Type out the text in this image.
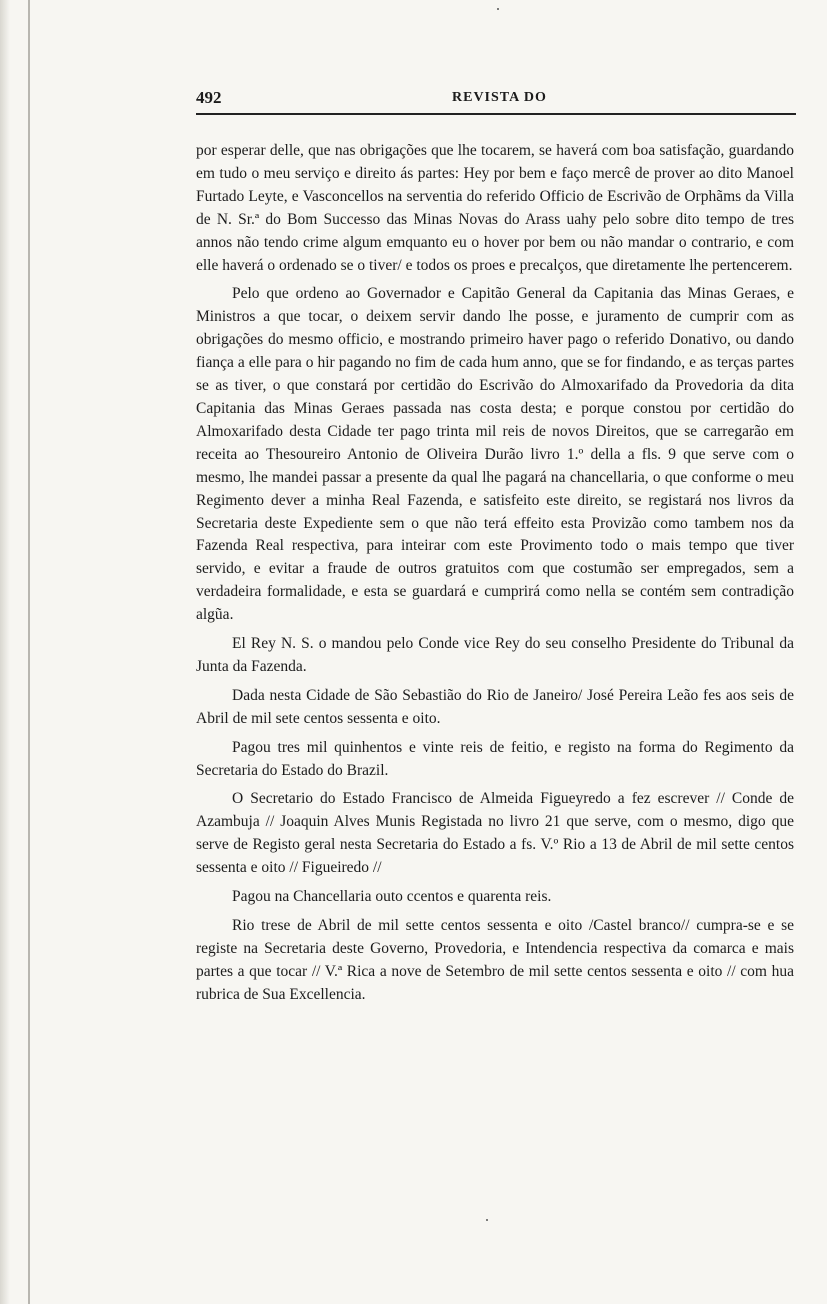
492	REVISTA DO

por esperar delle, que nas obrigações que lhe tocarem, se haverá com boa satisfação, guardando em tudo o meu serviço e direito ás partes: Hey por bem e faço mercê de prover ao dito Manoel Furtado Leyte, e Vasconcellos na serventia do referido Officio de Escrivão de Orphãms da Villa de N. Sr.ª do Bom Successo das Minas Novas do Arass uahy pelo sobre dito tempo de tres annos não tendo crime algum emquanto eu o hover por bem ou não mandar o contrario, e com elle haverá o ordenado se o tiver/ e todos os proes e precalços, que diretamente lhe pertencerem.

Pelo que ordeno ao Governador e Capitão General da Capitania das Minas Geraes, e Ministros a que tocar, o deixem servir dando lhe posse, e juramento de cumprir com as obrigações do mesmo officio, e mostrando primeiro haver pago o referido Donativo, ou dando fiança a elle para o hir pagando no fim de cada hum anno, que se for findando, e as terças partes se as tiver, o que constará por certidão do Escrivão do Almoxarifado da Provedoria da dita Capitania das Minas Geraes passada nas costa desta; e porque constou por certidão do Almoxarifado desta Cidade ter pago trinta mil reis de novos Direitos, que se carregarão em receita ao Thesoureiro Antonio de Oliveira Durão livro 1.º della a fls. 9 que serve com o mesmo, lhe mandei passar a presente da qual lhe pagará na chancellaria, o que conforme o meu Regimento dever a minha Real Fazenda, e satisfeito este direito, se registará nos livros da Secretaria deste Expediente sem o que não terá effeito esta Provizão como tambem nos da Fazenda Real respectiva, para inteirar com este Provimento todo o mais tempo que tiver servido, e evitar a fraude de outros gratuitos com que costumão ser empregados, sem a verdadeira formalidade, e esta se guardará e cumprirá como nella se contém sem contradição algũa.

El Rey N. S. o mandou pelo Conde vice Rey do seu conselho Presidente do Tribunal da Junta da Fazenda.

Dada nesta Cidade de São Sebastião do Rio de Janeiro/ José Pereira Leão fes aos seis de Abril de mil sete centos sessenta e oito.

Pagou tres mil quinhentos e vinte reis de feitio, e registo na forma do Regimento da Secretaria do Estado do Brazil.

O Secretario do Estado Francisco de Almeida Figueyredo a fez escrever // Conde de Azambuja // Joaquin Alves Munis Registada no livro 21 que serve, com o mesmo, digo que serve de Registo geral nesta Secretaria do Estado a fs. V.º Rio a 13 de Abril de mil sette centos sessenta e oito // Figueiredo //

Pagou na Chancellaria outo ccentos e quarenta reis.

Rio trese de Abril de mil sette centos sessenta e oito /Castel branco// cumpra-se e se registe na Secretaria deste Governo, Provedoria, e Intendencia respectiva da comarca e mais partes a que tocar // V.ª Rica a nove de Setembro de mil sette centos sessenta e oito // com hua rubrica de Sua Excellencia.
